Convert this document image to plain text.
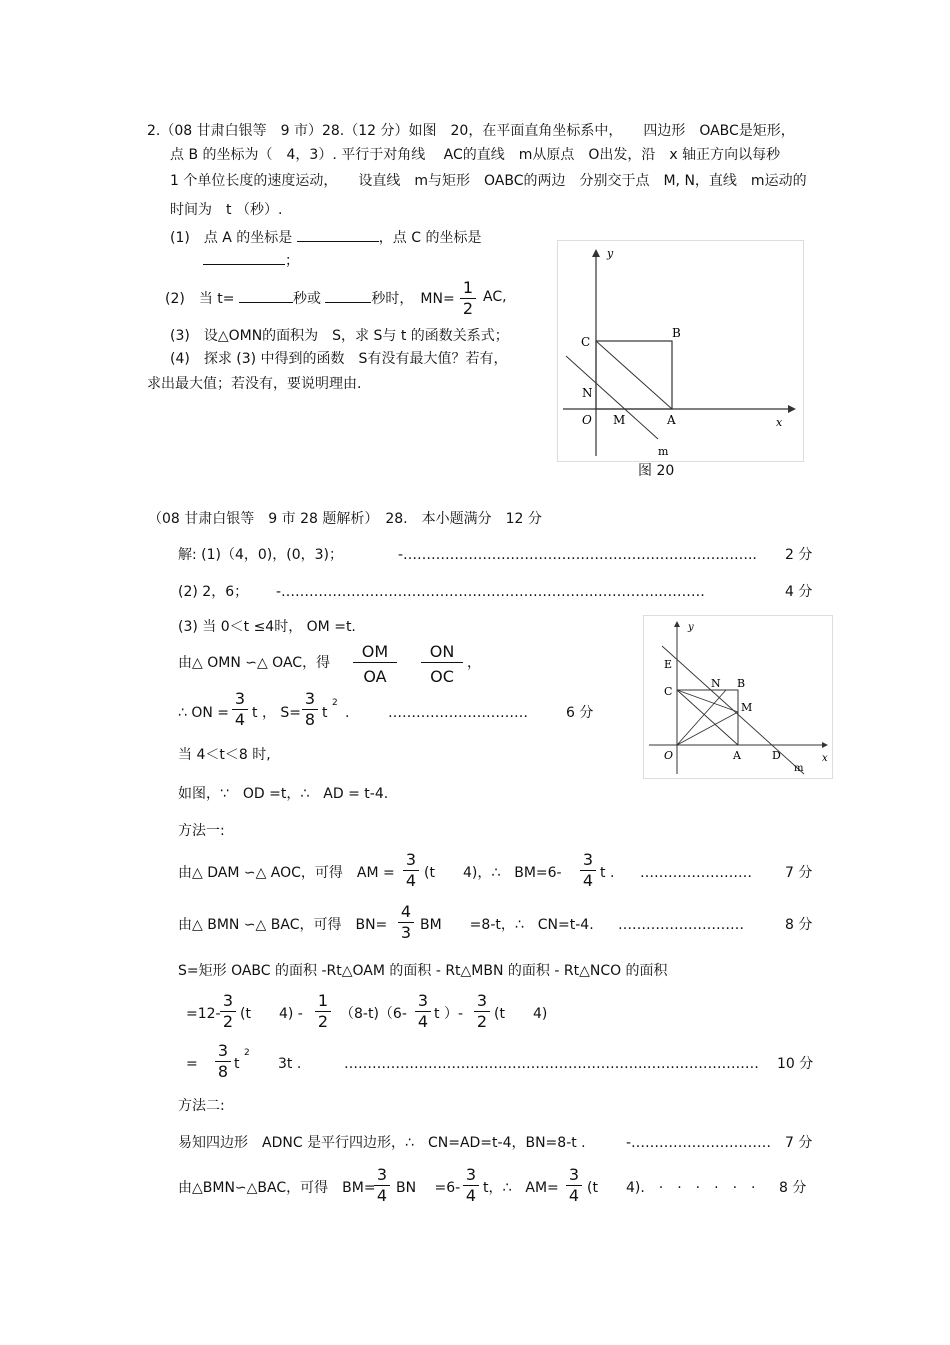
2.（08 甘肃白银等　9 市）28.（12 分）如图　20，在平面直角坐标系中，　　四边形　OABC是矩形，
点 B 的坐标为（　4，3）. 平行于对角线　 AC的直线　m从原点　O出发，沿　x 轴正方向以每秒
1 个单位长度的速度运动，　　设直线　m与矩形　OABC的两边　分别交于点　M, N，直线　m运动的
时间为　t （秒）.
(1)　点 A 的坐标是	，点 C 的坐标是
；
(2)　当 t=	秒或	秒时，　$MN= \frac{1}{2}$ AC,
(3)　设△OMN的面积为　S，求 S与 t 的函数关系式；
(4)　探求 (3) 中得到的函数　S有没有最大值？若有，
求出最大值；若没有，要说明理由.
y
x
C
B
N
O M	A
m
图 20
（08 甘肃白银等　9 市 28 题解析）　28.　本小题满分　12 分
解: (1)（4，0)，(0，3)；	-……………………………………………………..………….. 2 分
(2) 2，6； -…………………………………………………………..…………..………	4 分
(3) 当 0＜t ≤4时， OM =t.
由△ OMN ∽△ OAC，得 $\frac{OM}{OA} \frac{ON}{OC}$ ，
∴ ON = $\frac{3}{4}$ t ， $S= \frac{3}{8}$ t
2
.	…………………………	6 分
当 4＜t＜8 时,
如图，∵　OD =t，∴　AD = t-4.
y
x
E
C
N B
M
O	A	D
m
方法一:
由△ DAM ∽△ AOC，可得　AM = $\frac{3}{4} (t$　　4)，∴　$BM=6- \frac{3}{4}$ t . …………………… 7 分
由△ BMN ∽△ BAC，可得　$BN= \frac{4}{3}$ BM　　=8-t，∴　CN=t-4. ………………………	8 分
S=矩形 OABC 的面积 -Rt△OAM 的面积 - Rt△MBN 的面积 - Rt△NCO 的面积
$=12- \frac{3}{2} (t$　　$4) - \frac{1}{2} (8-t)(6- \frac{3}{4}$ t ）- $\frac{3}{2} (t$　　4)
= $\frac{3}{8}$ t
2
3t .	………………………………………………………..…………………… 10 分
方法二:
易知四边形　ADNC 是平行四边形，∴　CN=AD=t-4，BN=8-t .	-………………………… 7 分
由△BMN∽△BAC，可得　BM=
$\frac{3}{4}$ BN　 $=6- \frac{3}{4}$ t，∴　$AM= \frac{3}{4} (t$　　4).　·　·　·　·　·　· 8 分
